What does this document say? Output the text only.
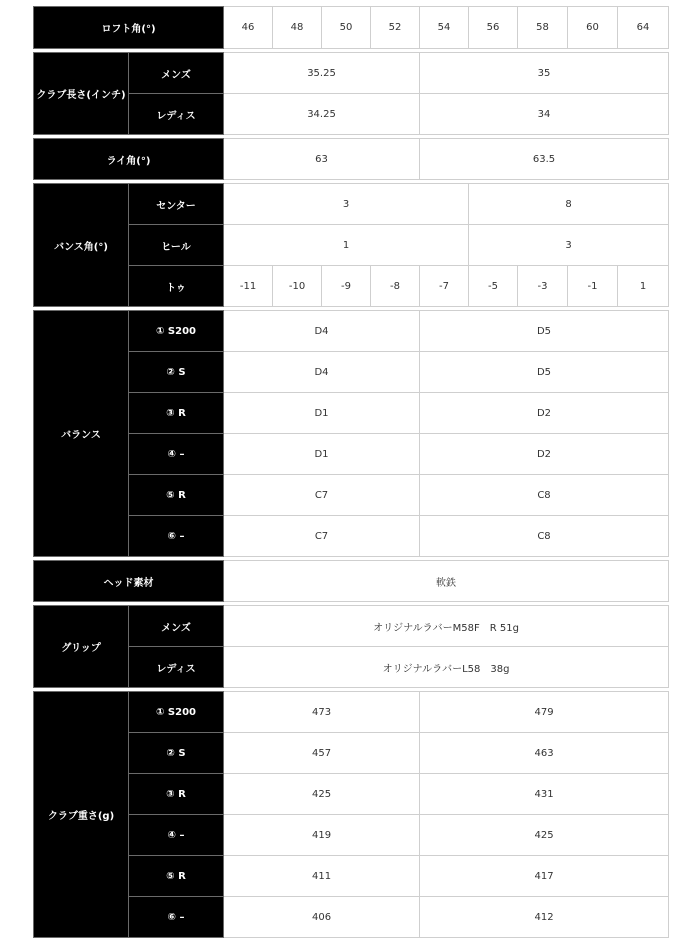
ロフト角(°)		46	48	50	52	54	56	58	60	64

クラブ長さ(インチ)	メンズ	35.25				35				
	レディス	34.25				34				

ライ角(°)		63				63.5				

バンス角(°)	センター	3					8			
	ヒール	1					3			
	トゥ	-11	-10	-9	-8	-7	-5	-3	-1	1

バランス	① S200	D4				D5				
	② S	D4				D5				
	③ R	D1				D2				
	④ –	D1				D2				
	⑤ R	C7				C8				
	⑥ –	C7				C8				

ヘッド素材		軟鉄								

グリップ	メンズ	オリジナルラバーM58F　R 51g								
	レディス	オリジナルラバーL58　38g								

クラブ重さ(g)	① S200	473				479				
	② S	457				463				
	③ R	425				431				
	④ –	419				425				
	⑤ R	411				417				
	⑥ –	406				412				
